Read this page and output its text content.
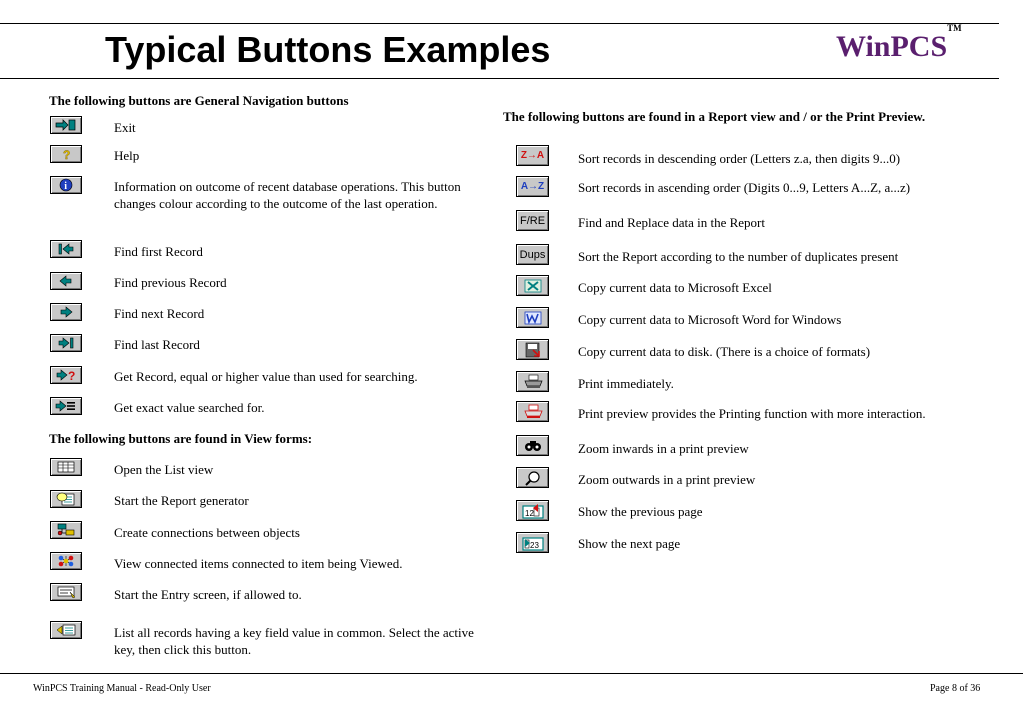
Typical Buttons Examples	WinPCS™
The following buttons are General Navigation buttons
Exit
?	Help
i	Information on outcome of recent database operations. This button changes colour according to the outcome of the last operation.
Find first Record
Find previous Record
Find next Record
Find last Record
?	Get Record, equal or higher value than used for searching.
Get exact value searched for.
The following buttons are found in View forms:
Open the List view
Start the Report generator
Create connections between objects
View connected items connected to item being Viewed.
Start the Entry screen, if allowed to.
List all records having a key field value in common. Select the active key, then click this button.
The following buttons are found in a Report view and / or the Print Preview.
Z→A	Sort records in descending order (Letters z.a, then digits 9...0)
A→Z	Sort records in ascending order (Digits 0...9, Letters A...Z, a...z)
F/RE	Find and Replace data in the Report
Dups	Sort the Report according to the number of duplicates present
Copy current data to Microsoft Excel
Copy current data to Microsoft Word for Windows
Copy current data to disk. (There is a choice of formats)
Print immediately.
Print preview provides the Printing function with more interaction.
Zoom inwards in a print preview
Zoom outwards in a print preview
12	Show the previous page
23	Show the next page
WinPCS Training Manual - Read-Only User	Page 8 of 36
